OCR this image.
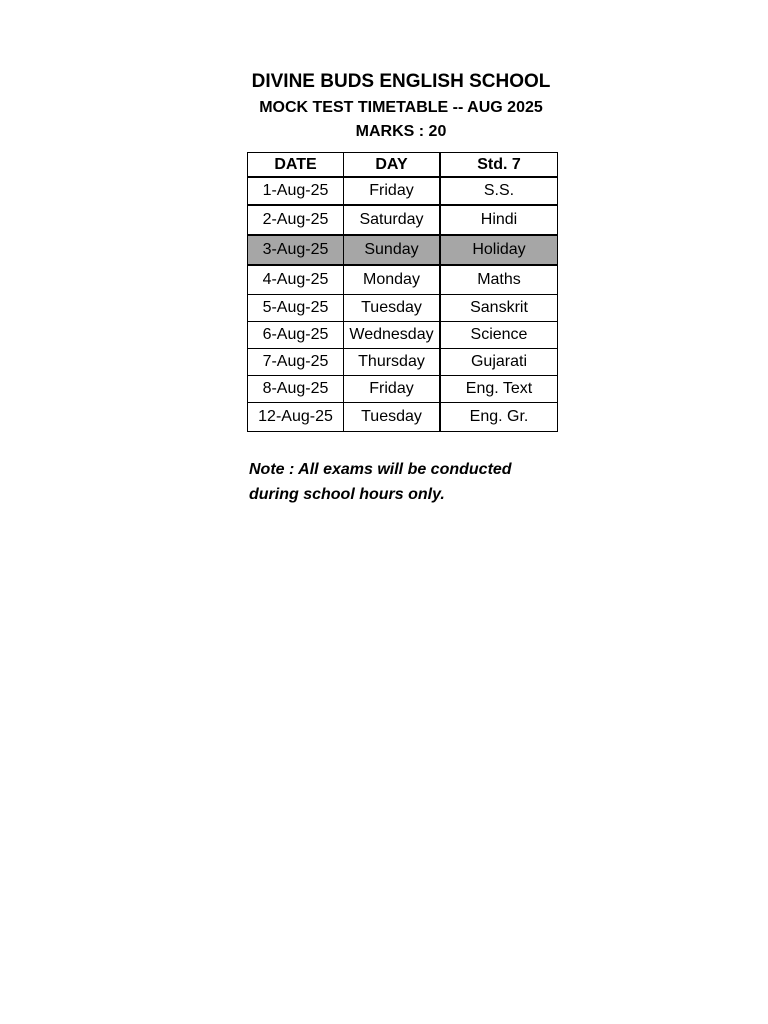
DIVINE BUDS ENGLISH SCHOOL
MOCK TEST TIMETABLE -- AUG 2025
MARKS : 20
DATE	DAY	Std. 7
1-Aug-25	Friday	S.S.
2-Aug-25	Saturday	Hindi
3-Aug-25	Sunday	Holiday
4-Aug-25	Monday	Maths
5-Aug-25	Tuesday	Sanskrit
6-Aug-25	Wednesday	Science
7-Aug-25	Thursday	Gujarati
8-Aug-25	Friday	Eng. Text
12-Aug-25	Tuesday	Eng. Gr.
Note : All exams will be conducted
during school hours only.
